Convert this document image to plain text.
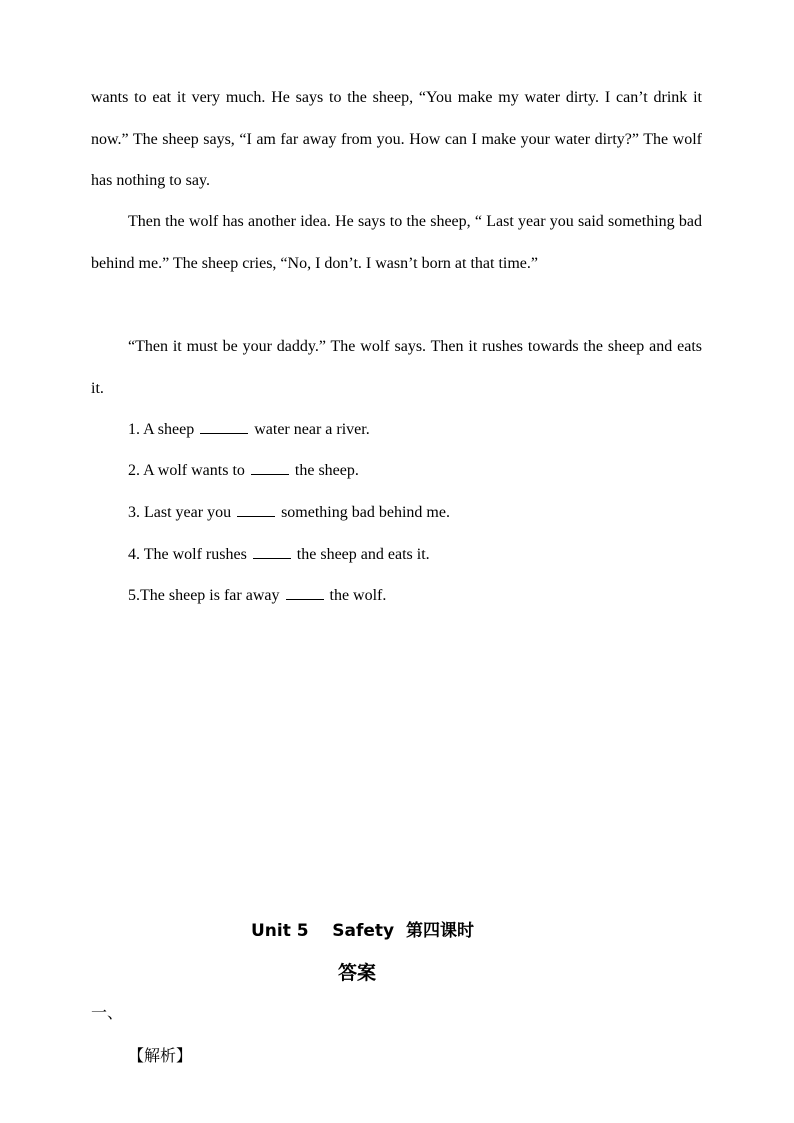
wants to eat it very much. He says to the sheep, “You make my water dirty. I can’t drink it now.” The sheep says, “I am far away from you. How can I make your water dirty?” The wolf has nothing to say.

Then the wolf has another idea. He says to the sheep, “ Last year you said something bad behind me.” The sheep cries, “No, I don’t. I wasn’t born at that time.”

“Then it must be your daddy.” The wolf says. Then it rushes towards the sheep and eats it.

1. A sheep	water near a river.

2. A wolf wants to	the sheep.

3. Last year you	something bad behind me.

4. The wolf rushes	the sheep and eats it.

5.The sheep is far away	the wolf.

Unit 5    Safety  第四课时
答案
一、
【解析】
